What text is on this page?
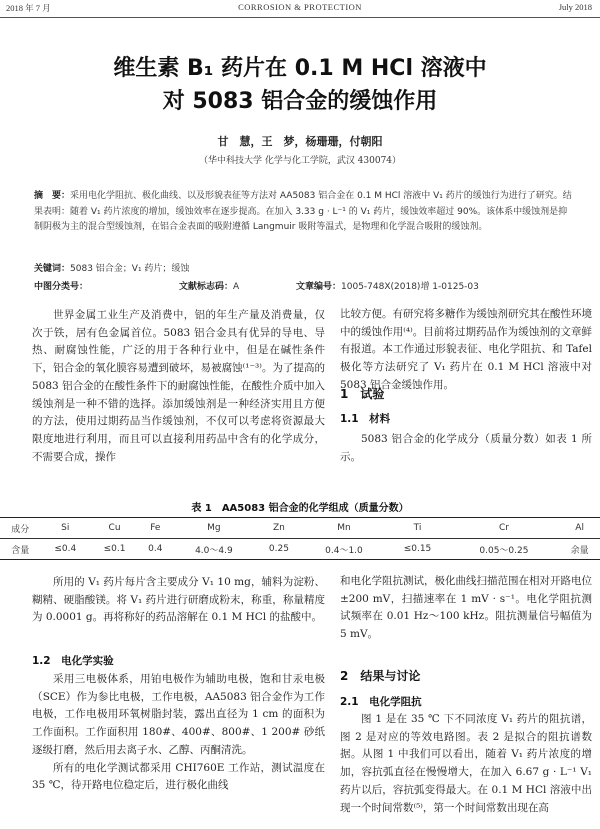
2018 年 7 月	CORROSION & PROTECTION	July 2018
维生素 B₁ 药片在 0.1 M HCl 溶液中
对 5083 铝合金的缓蚀作用
甘　慧，王　梦，杨珊珊，付朝阳
（华中科技大学 化学与化工学院，武汉 430074）
摘　要：采用电化学阻抗、极化曲线、以及形貌表征等方法对 AA5083 铝合金在 0.1 M HCl 溶液中 V₁ 药片的缓蚀行为进行了研究。结果表明：随着 V₁ 药片浓度的增加，缓蚀效率在逐步提高。在加入 3.33 g · L⁻¹ 的 V₁ 药片，缓蚀效率超过 90%。该体系中缓蚀剂是抑制阴极为主的混合型缓蚀剂，在铝合金表面的吸附遵循 Langmuir 吸附等温式，是物理和化学混合吸附的缓蚀剂。
关键词：5083 铝合金；V₁ 药片；缓蚀
中图分类号：	文献标志码：A	文章编号：1005-748X(2018)增 1-0125-03

世界金属工业生产及消费中，铝的年生产量及消费量，仅次于铁，居有色金属首位。5083 铝合金具有优异的导电、导热、耐腐蚀性能，广泛的用于各种行业中，但是在碱性条件下，铝合金的氧化膜容易遭到破坏，易被腐蚀⁽¹⁻³⁾。为了提高的 5083 铝合金的在酸性条件下的耐腐蚀性能，在酸性介质中加入缓蚀剂是一种不错的选择。添加缓蚀剂是一种经济实用且方便的方法，使用过期药品当作缓蚀剂，不仅可以考虑将资源最大限度地进行利用，而且可以直接利用药品中含有的化学成分，不需要合成，操作

比较方便。有研究将多糖作为缓蚀剂研究其在酸性环境中的缓蚀作用⁽⁴⁾。目前将过期药品作为缓蚀剂的文章鲜有报道。本工作通过形貌表征、电化学阻抗、和 Tafel 极化等方法研究了 V₁ 药片在 0.1 M HCl 溶液中对 5083 铝合金缓蚀作用。

1　试验
1.1　材料

5083 铝合金的化学成分（质量分数）如表 1 所示。

表 1　AA5083 铝合金的化学组成（质量分数）
成分	Si	Cu	Fe	Mg	Zn	Mn	Ti	Cr	Al
含量	≤0.4	≤0.1	0.4	4.0～4.9	0.25	0.4～1.0	≤0.15	0.05～0.25	余量

所用的 V₁ 药片每片含主要成分 V₁ 10 mg，辅料为淀粉、糊精、硬脂酸镁。将 V₁ 药片进行研磨成粉末，称重，称量精度为 0.0001 g。再将称好的药品溶解在 0.1 M HCl 的盐酸中。

1.2　电化学实验

采用三电极体系，用铂电极作为辅助电极，饱和甘汞电极（SCE）作为参比电极，工作电极，AA5083 铝合金作为工作电极，工作电极用环氧树脂封装，露出直径为 1 cm 的面积为工作面积。工作面积用 180#、400#、800#、1 200# 砂纸逐级打磨，然后用去离子水、乙醇、丙酮清洗。

所有的电化学测试都采用 CHI760E 工作站，测试温度在 35 ℃，待开路电位稳定后，进行极化曲线

和电化学阻抗测试，极化曲线扫描范围在相对开路电位 ±200 mV，扫描速率在 1 mV · s⁻¹。电化学阻抗测试频率在 0.01 Hz～100 kHz。阻抗测量信号幅值为 5 mV。

2　结果与讨论
2.1　电化学阻抗

图 1 是在 35 ℃ 下不同浓度 V₁ 药片的阻抗谱，图 2 是对应的等效电路图。表 2 是拟合的阻抗谱数据。从图 1 中我们可以看出，随着 V₁ 药片浓度的增加，容抗弧直径在慢慢增大，在加入 6.67 g · L⁻¹ V₁ 药片以后，容抗弧变得最大。在 0.1 M HCl 溶液中出现一个时间常数⁽⁵⁾，第一个时间常数出现在高
